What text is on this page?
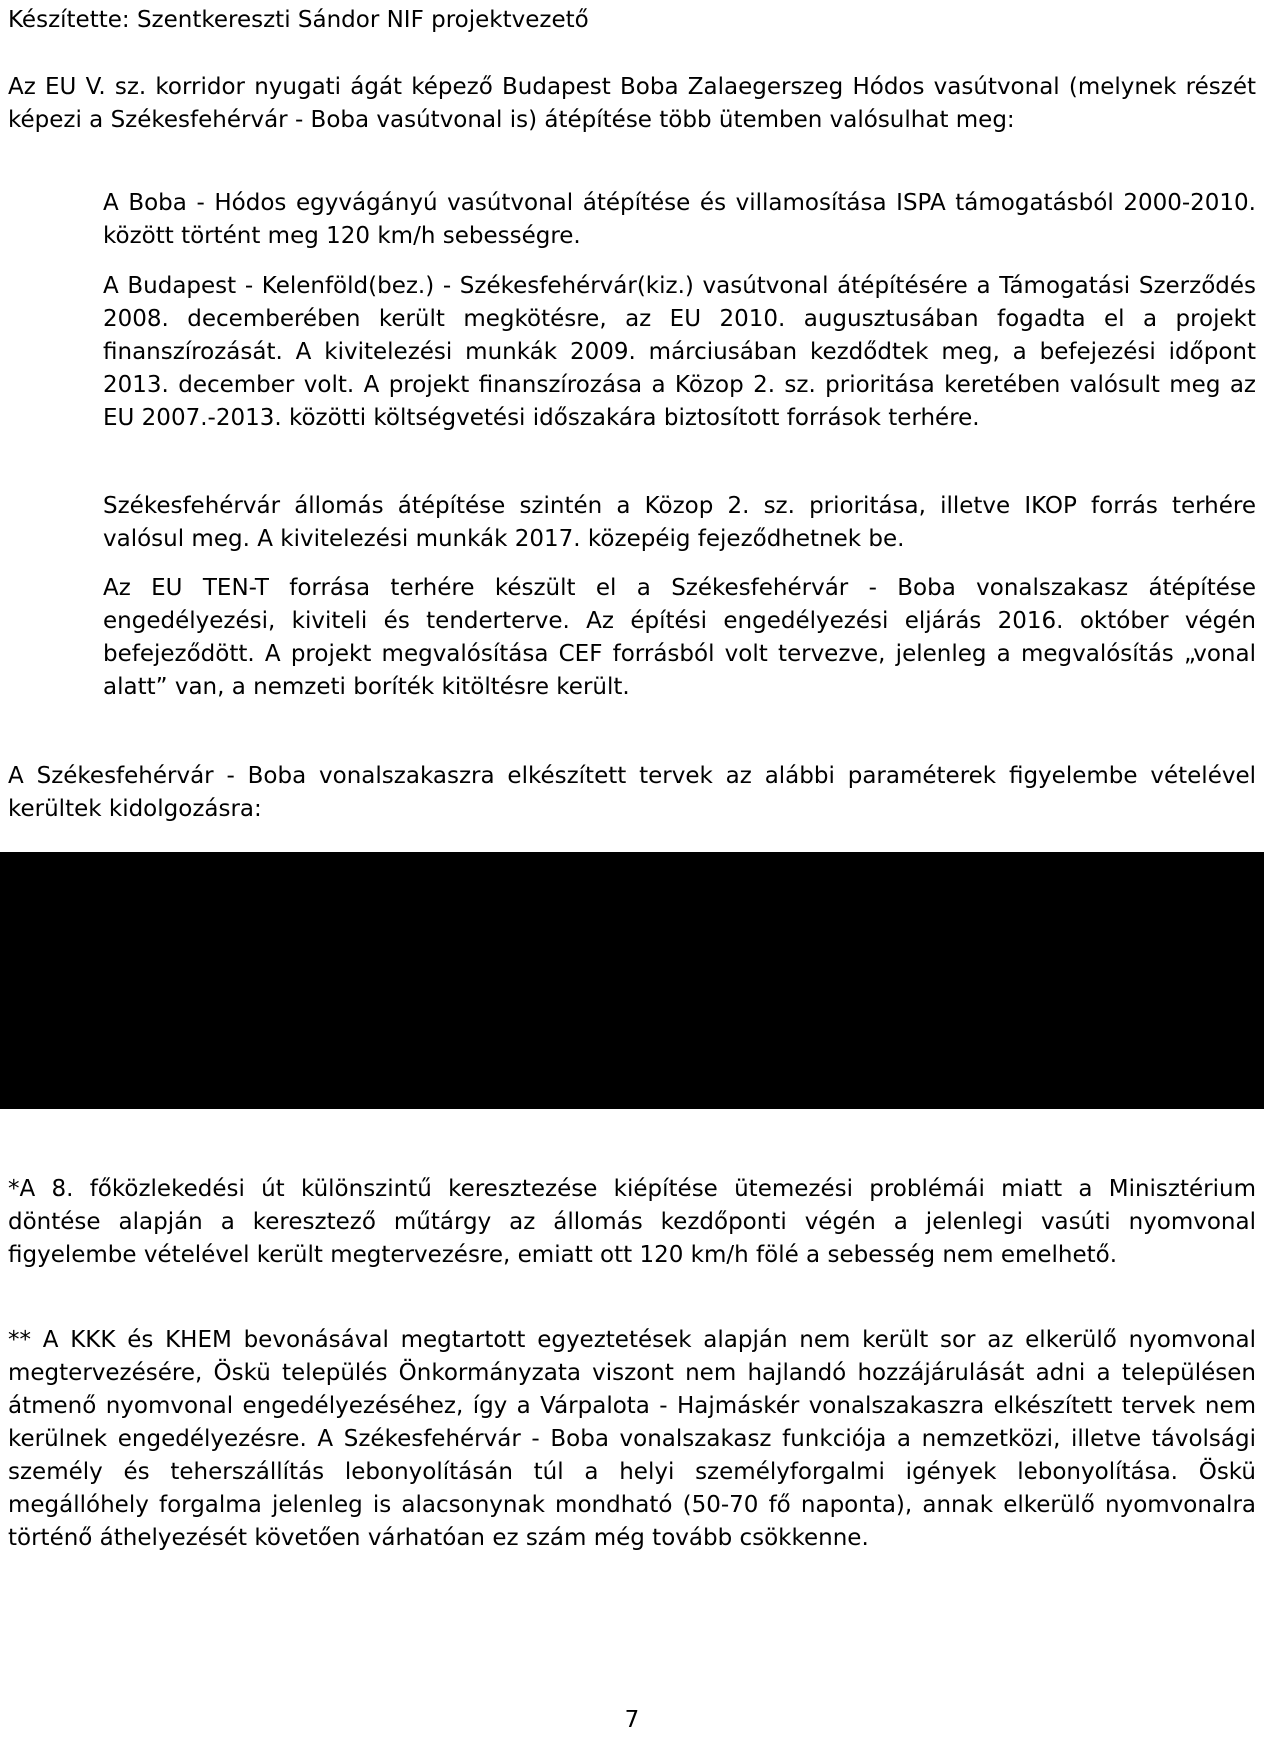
Készítette: Szentkereszti Sándor NIF projektvezető

Az EU V. sz. korridor nyugati ágát képező Budapest Boba Zalaegerszeg Hódos vasútvonal (melynek részét képezi a Székesfehérvár - Boba vasútvonal is) átépítése több ütemben valósulhat meg:

A Boba - Hódos egyvágányú vasútvonal átépítése és villamosítása ISPA támogatásból 2000-2010. között történt meg 120 km/h sebességre.

A Budapest - Kelenföld(bez.) - Székesfehérvár(kiz.) vasútvonal átépítésére a Támogatási Szerződés 2008. decemberében került megkötésre, az EU 2010. augusztusában fogadta el a projekt finanszírozását. A kivitelezési munkák 2009. márciusában kezdődtek meg, a befejezési időpont 2013. december volt. A projekt finanszírozása a Közop 2. sz. prioritása keretében valósult meg az EU 2007.-2013. közötti költségvetési időszakára biztosított források terhére.

Székesfehérvár állomás átépítése szintén a Közop 2. sz. prioritása, illetve IKOP forrás terhére valósul meg. A kivitelezési munkák 2017. közepéig fejeződhetnek be.

Az EU TEN-T forrása terhére készült el a Székesfehérvár - Boba vonalszakasz átépítése engedélyezési, kiviteli és tenderterve. Az építési engedélyezési eljárás 2016. október végén befejeződött. A projekt megvalósítása CEF forrásból volt tervezve, jelenleg a megvalósítás „vonal alatt” van, a nemzeti boríték kitöltésre került.

A Székesfehérvár - Boba vonalszakaszra elkészített tervek az alábbi paraméterek figyelembe vételével kerültek kidolgozásra:

*A 8. főközlekedési út különszintű keresztezése kiépítése ütemezési problémái miatt a Minisztérium döntése alapján a keresztező műtárgy az állomás kezdőponti végén a jelenlegi vasúti nyomvonal figyelembe vételével került megtervezésre, emiatt ott 120 km/h fölé a sebesség nem emelhető.

** A KKK és KHEM bevonásával megtartott egyeztetések alapján nem került sor az elkerülő nyomvonal megtervezésére, Öskü település Önkormányzata viszont nem hajlandó hozzájárulását adni a településen átmenő nyomvonal engedélyezéséhez, így a Várpalota - Hajmáskér vonalszakaszra elkészített tervek nem kerülnek engedélyezésre. A Székesfehérvár - Boba vonalszakasz funkciója a nemzetközi, illetve távolsági személy és teherszállítás lebonyolításán túl a helyi személyforgalmi igények lebonyolítása. Öskü megállóhely forgalma jelenleg is alacsonynak mondható (50-70 fő naponta), annak elkerülő nyomvonalra történő áthelyezését követően várhatóan ez szám még tovább csökkenne.

7
